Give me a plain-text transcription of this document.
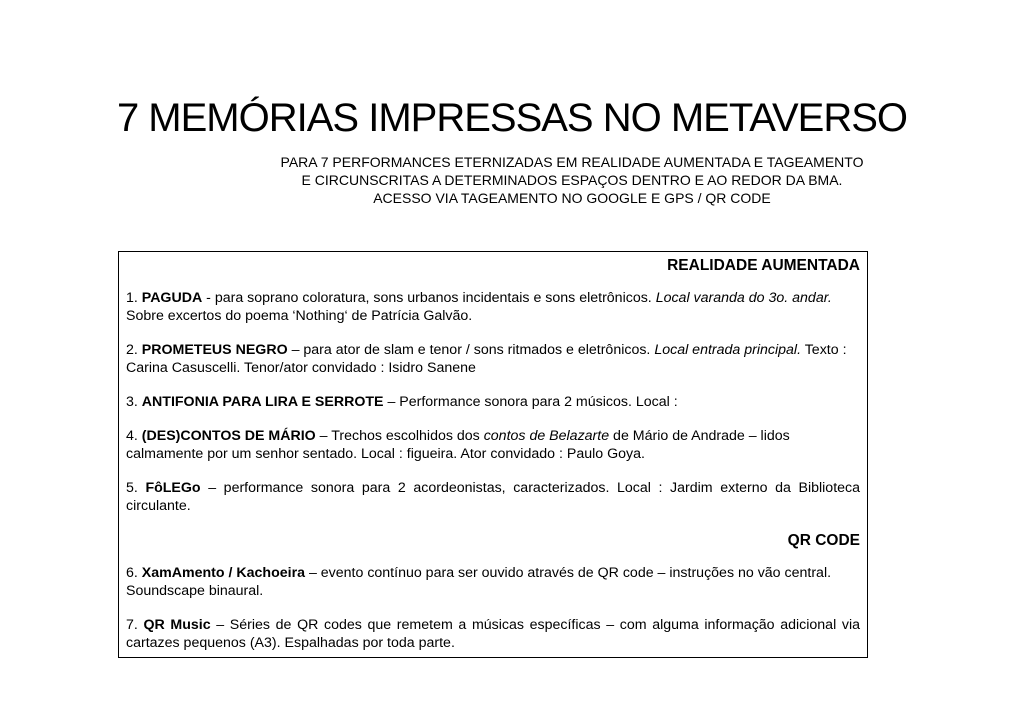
7 MEMÓRIAS IMPRESSAS NO METAVERSO
PARA 7 PERFORMANCES ETERNIZADAS EM REALIDADE AUMENTADA E TAGEAMENTO
E CIRCUNSCRITAS A DETERMINADOS ESPAÇOS DENTRO E AO REDOR DA BMA.
ACESSO VIA TAGEAMENTO NO GOOGLE E GPS / QR CODE
REALIDADE AUMENTADA
1. PAGUDA - para soprano coloratura, sons urbanos incidentais e sons eletrônicos. Local varanda do 3o. andar. Sobre excertos do poema ‘Nothing‘ de Patrícia Galvão.
2. PROMETEUS NEGRO – para ator de slam e tenor / sons ritmados e eletrônicos. Local entrada principal. Texto : Carina Casuscelli. Tenor/ator convidado : Isidro Sanene
3. ANTIFONIA PARA LIRA E SERROTE – Performance sonora para 2 músicos. Local :
4. (DES)CONTOS DE MÁRIO – Trechos escolhidos dos contos de Belazarte de Mário de Andrade – lidos calmamente por um senhor sentado. Local : figueira. Ator convidado : Paulo Goya.
5. FôLEGo – performance sonora para 2 acordeonistas, caracterizados. Local : Jardim externo da Biblioteca circulante.
QR CODE
6. XamAmento / Kachoeira – evento contínuo para ser ouvido através de QR code – instruções no vão central. Soundscape binaural.
7. QR Music – Séries de QR codes que remetem a músicas específicas – com alguma informação adicional via cartazes pequenos (A3). Espalhadas por toda parte.
